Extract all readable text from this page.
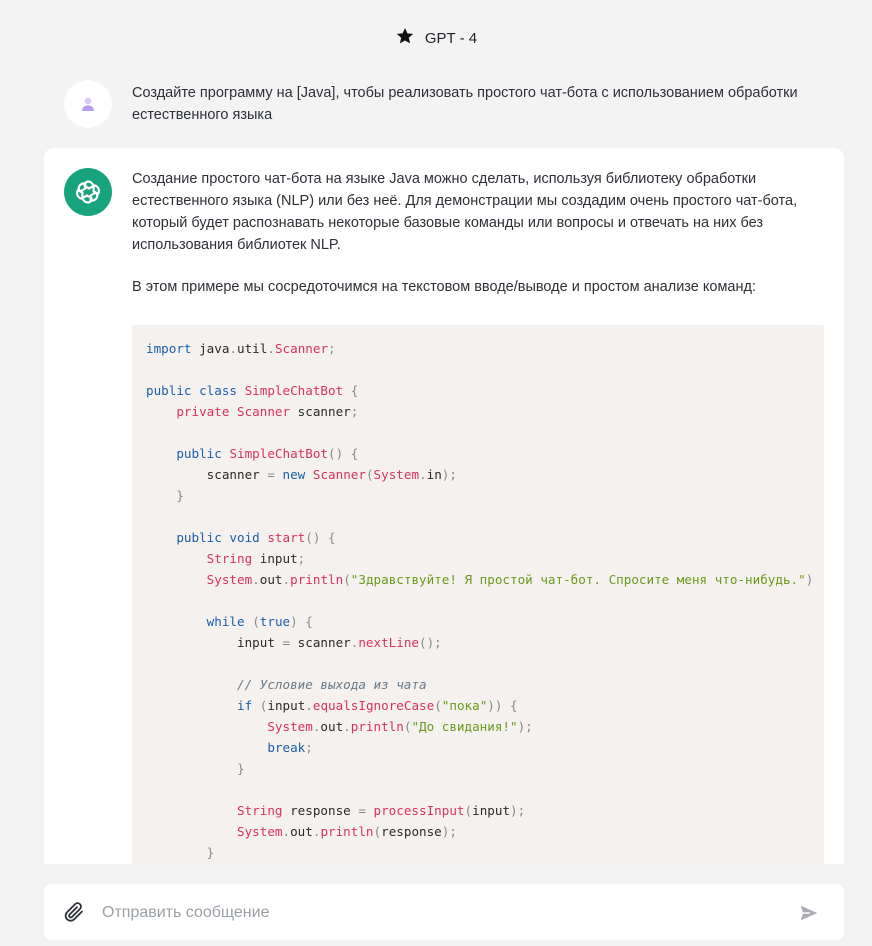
GPT - 4
Создайте программу на [Java], чтобы реализовать простого чат-бота с использованием обработки естественного языка

Создание простого чат-бота на языке Java можно сделать, используя библиотеку обработки естественного языка (NLP) или без неё. Для демонстрации мы создадим очень простого чат-бота, который будет распознавать некоторые базовые команды или вопросы и отвечать на них без использования библиотек NLP.

В этом примере мы сосредоточимся на текстовом вводе/выводе и простом анализе команд:

import java.util.Scanner;

public class SimpleChatBot {
private Scanner scanner;

public SimpleChatBot() {
scanner = new Scanner(System.in);
}

public void start() {
String input;
System.out.println("Здравствуйте! Я простой чат-бот. Спросите меня что-нибудь.")

while (true) {
input = scanner.nextLine();

// Условие выхода из чата
if (input.equalsIgnoreCase("пока")) {
System.out.println("До свидания!");
break;
}

String response = processInput(input);
System.out.println(response);
}
Отправить сообщение
